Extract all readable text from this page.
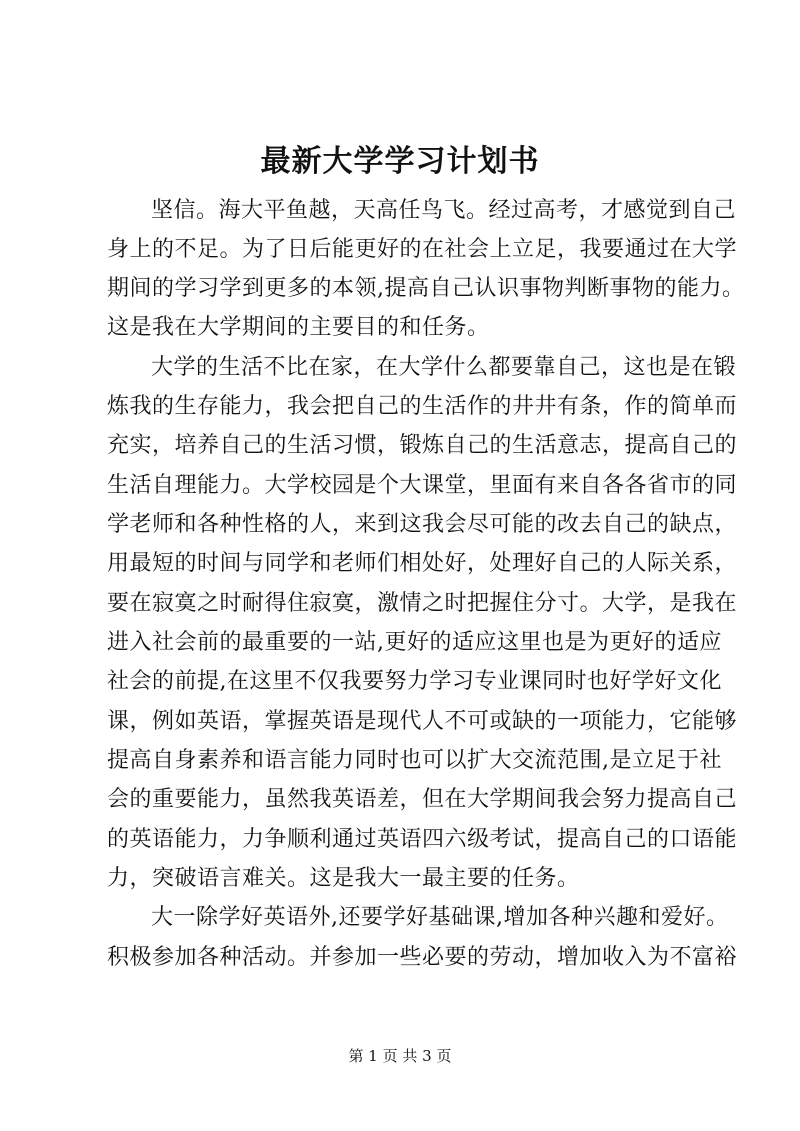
最新大学学习计划书
坚信。海大平鱼越，天高任鸟飞。经过高考，才感觉到自己
身上的不足。为了日后能更好的在社会上立足，我要通过在大学
期间的学习学到更多的本领,提高自己认识事物判断事物的能力。
这是我在大学期间的主要目的和任务。
大学的生活不比在家，在大学什么都要靠自己，这也是在锻
炼我的生存能力，我会把自己的生活作的井井有条，作的简单而
充实，培养自己的生活习惯，锻炼自己的生活意志，提高自己的
生活自理能力。大学校园是个大课堂，里面有来自各各省市的同
学老师和各种性格的人，来到这我会尽可能的改去自己的缺点，
用最短的时间与同学和老师们相处好，处理好自己的人际关系，
要在寂寞之时耐得住寂寞，激情之时把握住分寸。大学，是我在
进入社会前的最重要的一站,更好的适应这里也是为更好的适应
社会的前提,在这里不仅我要努力学习专业课同时也好学好文化
课，例如英语，掌握英语是现代人不可或缺的一项能力，它能够
提高自身素养和语言能力同时也可以扩大交流范围,是立足于社
会的重要能力，虽然我英语差，但在大学期间我会努力提高自己
的英语能力，力争顺利通过英语四六级考试，提高自己的口语能
力，突破语言难关。这是我大一最主要的任务。
大一除学好英语外,还要学好基础课,增加各种兴趣和爱好。
积极参加各种活动。并参加一些必要的劳动，增加收入为不富裕
第 1 页 共 3 页
